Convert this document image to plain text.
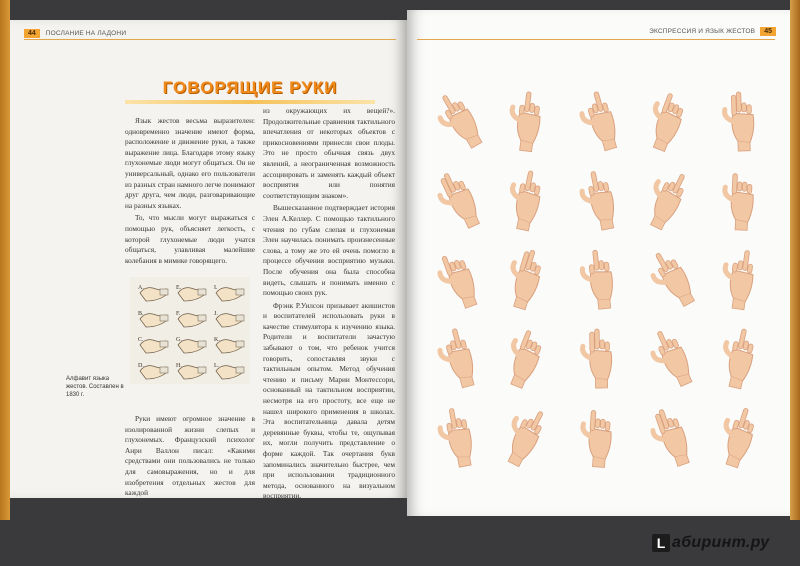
44	ПОСЛАНИЕ НА ЛАДОНИ
ГОВОРЯЩИЕ РУКИ

Язык жестов весьма выразителен: одновременно значение имеют форма, расположение и движение руки, а также выражение лица. Благодаря этому языку глухонемые люди могут общаться. Он не универсальный, однако его пользователи из разных стран намного легче понимают друг друга, чем люди, разговаривающие на разных языках.

То, что мысли могут выражаться с помощью рук, объясняет легкость, с которой глухонемые люди учатся общаться, улавливая малейшие колебания в мимике говорящего.

из окружающих их вещей?». Продолжительные сравнения тактильного впечатления от некоторых объектов с прикосновениями принесли свои плоды. Это не просто обычная связь двух явлений, а неограниченная возможность ассоциировать и заменять каждый объект восприятия или понятия соответствующим знаком».

Вышесказанное подтверждает история Элен А.Келлер. С помощью тактильного чтения по губам слепая и глухонемая Элен научилась понимать произнесенные слова, а тому же это ей очень помогло в процессе обучения восприятию музыки. После обучения она была способна видеть, слышать и понимать именно с помощью своих рук.

Фрэнк Р.Уилсон призывает акишистов и воспитателей использовать руки в качестве стимулятора к изучению языка. Родители и воспитатели зачастую забывают о том, что ребенок учится говорить, сопоставляя звуки с тактильным опытом. Метод обучения чтению и письму Марии Монтессори, основанный на тактильном восприятии, несмотря на его простоту, все еще не нашел широкого применения в школах. Эта воспитательница давала детям деревянные буквы, чтобы те, ощупывая их, могли получить представление о форме каждой. Так очертания букв запоминались значительно быстрее, чем при использовании традиционного метода, основанного на визуальном восприятии.

A.	E.	I.
B.	F.	J.
C.	G.	K.
D.	H.	L.
Алфавит языка жестов. Составлен в 1830 г.

Руки имеют огромное значение в изолированной жизни слепых и глухонемых. Французский психолог Анри Валлон писал: «Какими средствами они пользовались не только для самовыражения, но и для изобретения отдельных жестов для каждой

ЭКСПРЕССИЯ И ЯЗЫК ЖЕСТОВ	45
L абиринт.ру
